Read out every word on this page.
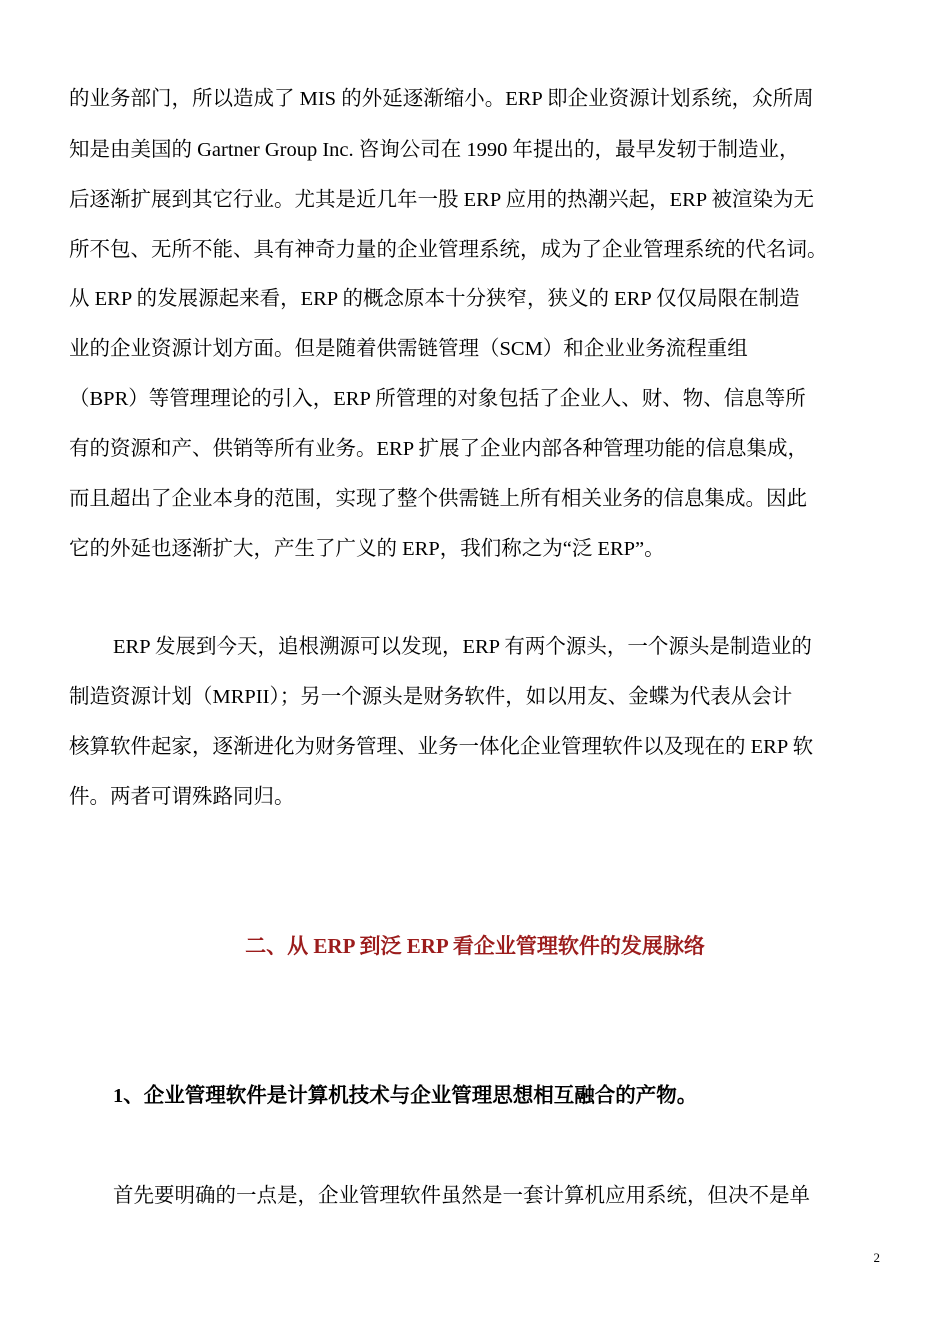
的业务部门，所以造成了 MIS 的外延逐渐缩小。ERP 即企业资源计划系统，众所周
知是由美国的 Gartner Group Inc. 咨询公司在 1990 年提出的，最早发轫于制造业，
后逐渐扩展到其它行业。尤其是近几年一股 ERP 应用的热潮兴起，ERP 被渲染为无
所不包、无所不能、具有神奇力量的企业管理系统，成为了企业管理系统的代名词。
从 ERP 的发展源起来看，ERP 的概念原本十分狭窄，狭义的 ERP 仅仅局限在制造
业的企业资源计划方面。但是随着供需链管理（SCM）和企业业务流程重组
（BPR）等管理理论的引入，ERP 所管理的对象包括了企业人、财、物、信息等所
有的资源和产、供销等所有业务。ERP 扩展了企业内部各种管理功能的信息集成，
而且超出了企业本身的范围，实现了整个供需链上所有相关业务的信息集成。因此
它的外延也逐渐扩大，产生了广义的 ERP，我们称之为“泛 ERP”。
ERP 发展到今天，追根溯源可以发现，ERP 有两个源头，一个源头是制造业的
制造资源计划（MRPII）；另一个源头是财务软件，如以用友、金蝶为代表从会计
核算软件起家，逐渐进化为财务管理、业务一体化企业管理软件以及现在的 ERP 软
件。两者可谓殊路同归。
二、从 ERP 到泛 ERP 看企业管理软件的发展脉络
1、企业管理软件是计算机技术与企业管理思想相互融合的产物。
首先要明确的一点是，企业管理软件虽然是一套计算机应用系统，但决不是单
2
